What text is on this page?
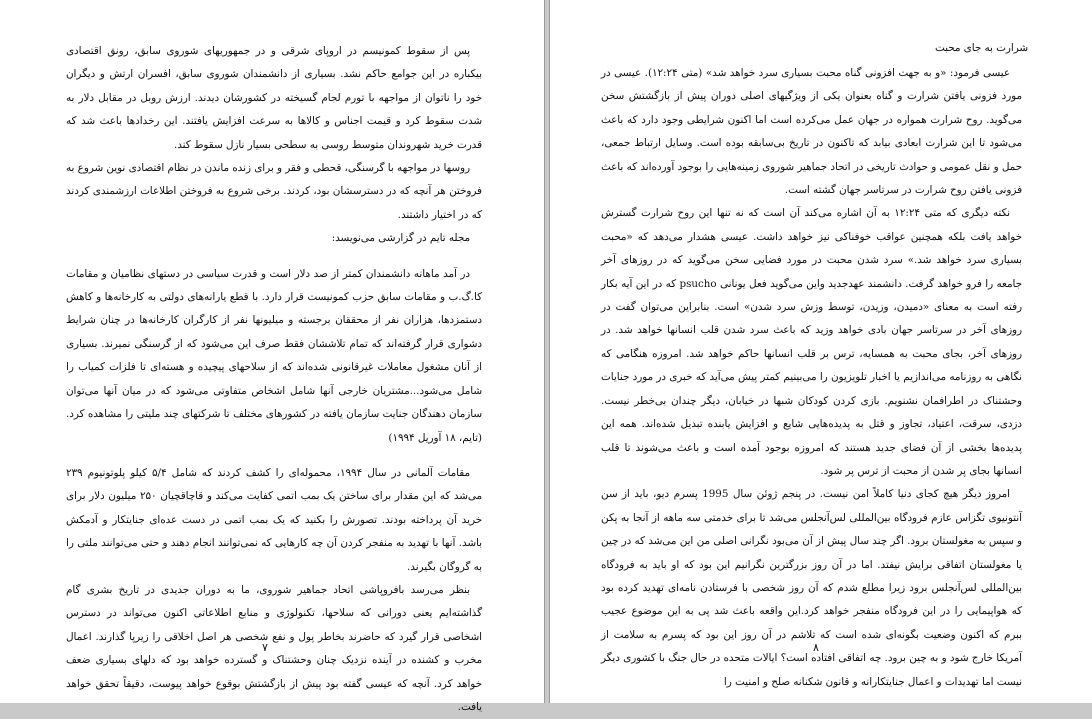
پس از سقوط کمونیسم در اروپای شرقی و در جمهوریهای شوروی سابق، رونق اقتصادی بیکباره در این جوامع حاکم نشد. بسیاری از دانشمندان شوروی سابق، افسران ارتش و دیگران خود را ناتوان از مواجهه با تورم لجام گسیخته در کشورشان دیدند. ارزش روبل در مقابل دلار به شدت سقوط کرد و قیمت اجناس و کالاها به سرعت افزایش یافتند. این رخدادها باعث شد که قدرت خرید شهروندان متوسط روسی به سطحی بسیار نازل سقوط کند.

روسها در مواجهه با گرسنگی، قحطی و فقر و برای زنده ماندن در نظام اقتصادی نوین شروع به فروختن هر آنچه که در دسترسشان بود، کردند. برخی شروع به فروختن اطلاعات ارزشمندی کردند که در اختیار داشتند.

مجله تایم در گزارشی می‌نویسد:

در آمد ماهانه دانشمندان کمتر از صد دلار است و قدرت سیاسی در دستهای نظامیان و مقامات کا.گ.ب و مقامات سابق حزب کمونیست قرار دارد. با قطع یارانه‌های دولتی به کارخانه‌ها و کاهش دستمزدها، هزاران نفر از محققان برجسته و میلیونها نفر از کارگران کارخانه‌ها در چنان شرایط دشواری قرار گرفته‌اند که تمام تلاششان فقط صرف این می‌شود که از گرسنگی نمیرند. بسیاری از آنان مشغول معاملات غیرقانونی شده‌اند که از سلاحهای پیچیده و هسته‌ای تا فلزات کمیاب را شامل می‌شود...مشتریان خارجی آنها شامل اشخاص متفاوتی می‌شود که در میان آنها می‌توان سازمان دهندگان جنایت سازمان یافته در کشورهای مختلف تا شرکتهای چند ملیتی را مشاهده کرد. (تایم، ۱۸ آوریل ۱۹۹۴)

مقامات آلمانی در سال ۱۹۹۴، محموله‌ای را کشف کردند که شامل ۵/۴ کیلو پلوتونیوم ۲۳۹ می‌شد که این مقدار برای ساختن یک بمب اتمی کفایت می‌کند و قاچاقچیان ۲۵۰ میلیون دلار برای خرید آن پرداخته بودند. تصورش را بکنید که یک بمب اتمی در دست عده‌ای جنایتکار و آدمکش باشد. آنها با تهدید به منفجر کردن آن چه کارهایی که نمی‌توانند انجام دهند و حتی می‌توانند ملتی را به گروگان بگیرند.

بنظر می‌رسد بافروپاشی اتحاد جماهیر شوروی، ما به دوران جدیدی در تاریخ بشری گام گذاشته‌ایم یعنی دورانی که سلاحها، تکنولوژی و منابع اطلاعاتی اکنون می‌تواند در دسترس اشخاصی قرار گیرد که حاضرند بخاطر پول و نفع شخصی هر اصل اخلاقی را زیرپا گذارند. اعمال مخرب و کشنده در آینده نزدیک چنان وحشتناک و گسترده خواهد بود که دلهای بسیاری ضعف خواهد کرد. آنچه که عیسی گفته بود پیش از بازگشتش بوقوع خواهد پیوست، دقیقاً تحقق خواهد یافت.

۷
شرارت به جای محبت

عیسی فرمود: «و به جهت افزونی گناه محبت بسیاری سرد خواهد شد» (متی ۱۲:۲۴). عیسی در مورد فزونی یافتن شرارت و گناه بعنوان یکی از ویژگیهای اصلی دوران پیش از بازگشتش سخن می‌گوید. روح شرارت همواره در جهان عمل می‌کرده است اما اکنون شرایطی وجود دارد که باعث می‌شود تا این شرارت ابعادی بیابد که تاکنون در تاریخ بی‌سابقه بوده است. وسایل ارتباط جمعی، حمل و نقل عمومی و حوادث تاریخی در اتحاد جماهیر شوروی زمینه‌هایی را بوجود آورده‌اند که باعث فزونی یافتن روح شرارت در سرتاسر جهان گشته است.

نکته دیگری که متی ۱۲:۲۴ به آن اشاره می‌کند آن است که نه تنها این روح شرارت گسترش خواهد یافت بلکه همچنین عواقب خوفناکی نیز خواهد داشت. عیسی هشدار می‌دهد که «محبت بسیاری سرد خواهد شد.» سرد شدن محبت در مورد فضایی سخن می‌گوید که در روزهای آخر جامعه را فرو خواهد گرفت. دانشمند عهدجدید واین می‌گوید فعل یونانی psucho که در این آیه بکار رفته است به معنای «دمیدن، وزیدن، توسط وزش سرد شدن» است. بنابراین می‌توان گفت در روزهای آخر در سرتاسر جهان بادی خواهد وزید که باعث سرد شدن قلب انسانها خواهد شد. در روزهای آخر، بجای محبت به همسایه، ترس بر قلب انسانها حاکم خواهد شد. امروزه هنگامی که نگاهی به روزنامه می‌اندازیم یا اخبار تلویزیون را می‌بینیم کمتر پیش می‌آید که خبری در مورد جنایات وحشتناک در اطرافمان نشنویم. بازی کردن کودکان شبها در خیابان، دیگر چندان بی‌خطر نیست. دزدی، سرقت، اعتیاد، تجاوز و قتل به پدیده‌هایی شایع و افزایش یابنده تبدیل شده‌اند. همه این پدیده‌ها بخشی از آن فضای جدید هستند که امروزه بوجود آمده است و باعث می‌شوند تا قلب انسانها بجای پر شدن از محبت از ترس پر شود.

امروز دیگر هیچ کجای دنیا کاملاً امن نیست. در پنجم ژوئن سال 1995 پسرم دیو، باید از سن آنتونیوی تگزاس عازم فرودگاه بین‌المللی لس‌آنجلس می‌شد تا برای خدمتی سه ماهه از آنجا به پکن و سپس به مغولستان برود. اگر چند سال پیش از آن می‌بود نگرانی اصلی من این می‌شد که در چین یا مغولستان اتفاقی برایش نیفتد. اما در آن روز بزرگترین نگرانیم این بود که او باید به فرودگاه بین‌المللی لس‌آنجلس برود زیرا مطلع شدم که آن روز شخصی با فرستادن نامه‌ای تهدید کرده بود که هواپیمایی را در این فرودگاه منفجر خواهد کرد.این واقعه باعث شد پی به این موضوع عجیب ببرم که اکنون وضعیت بگونه‌ای شده است که تلاشم در آن روز این بود که پسرم به سلامت از آمریکا خارج شود و به چین برود. چه اتفاقی افتاده است؟ ایالات متحده در حال جنگ با کشوری دیگر نیست اما تهدیدات و اعمال جنایتکارانه و قانون شکنانه صلح و امنیت را

۸
